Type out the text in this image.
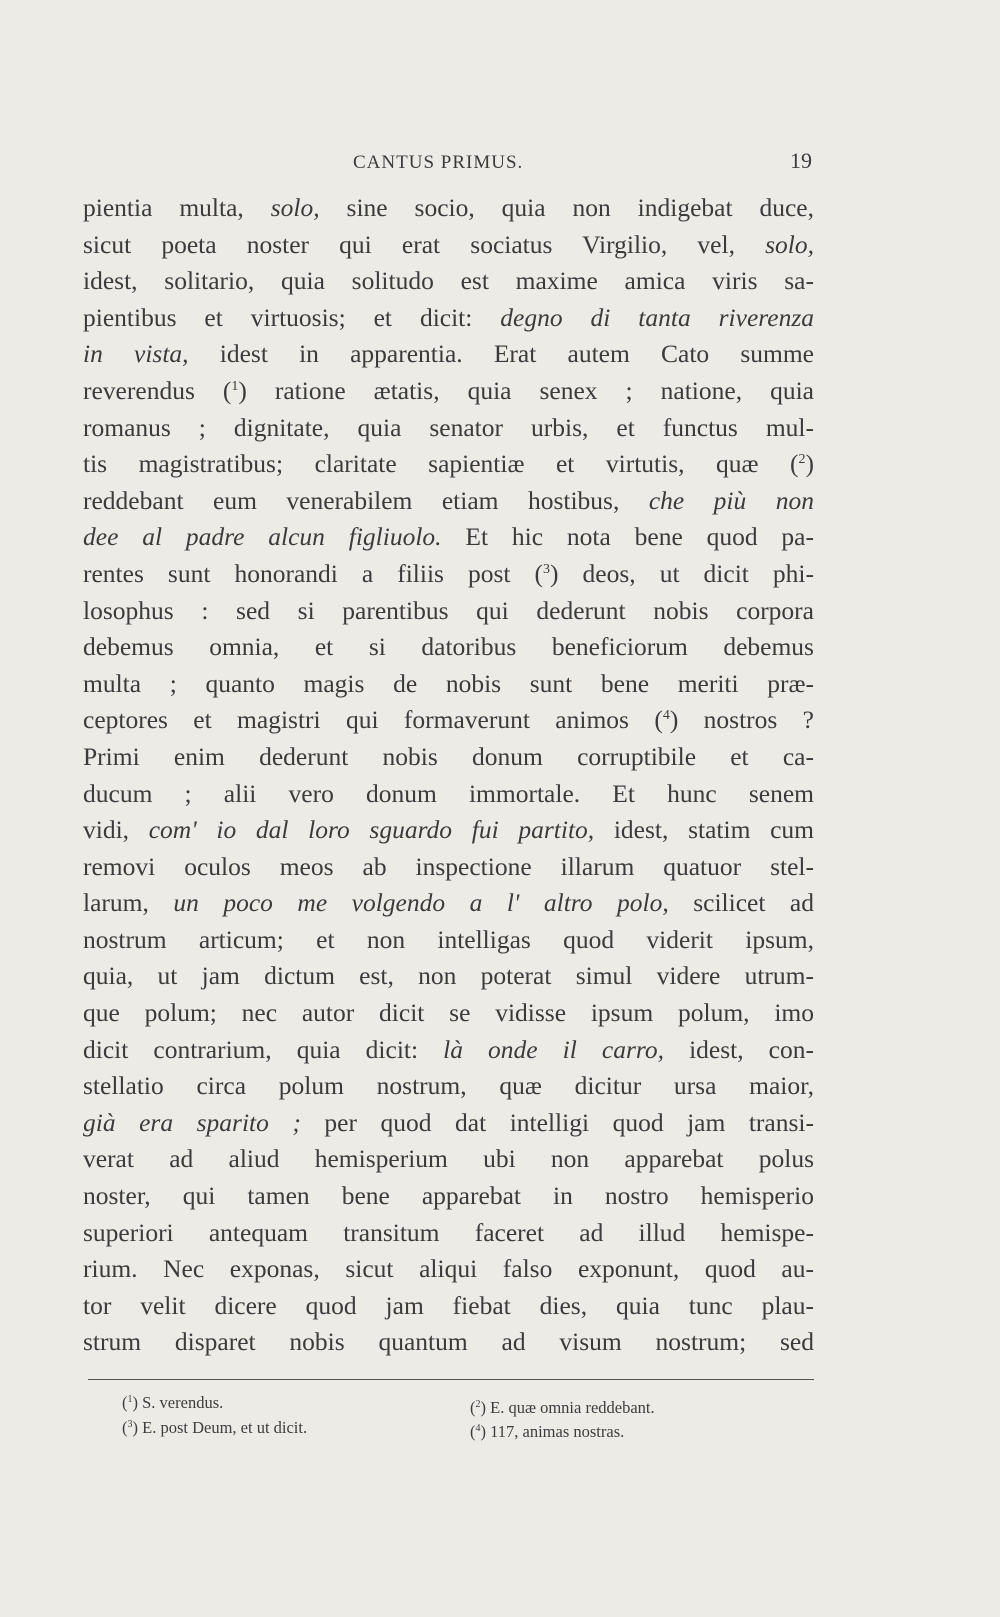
CANTUS PRIMUS.	19
pientia multa, solo, sine socio, quia non indigebat duce,
sicut poeta noster qui erat sociatus Virgilio, vel, solo,
idest, solitario, quia solitudo est maxime amica viris sa-
pientibus et virtuosis; et dicit: degno di tanta riverenza
in vista, idest in apparentia. Erat autem Cato summe
reverendus ($^1$) ratione ætatis, quia senex ; natione, quia
romanus ; dignitate, quia senator urbis, et functus mul-
tis magistratibus; claritate sapientiæ et virtutis, quæ ($^2$)
reddebant eum venerabilem etiam hostibus, che più non
dee al padre alcun figliuolo. Et hic nota bene quod pa-
rentes sunt honorandi a filiis post ($^3$) deos, ut dicit phi-
losophus : sed si parentibus qui dederunt nobis corpora
debemus omnia, et si datoribus beneficiorum debemus
multa ; quanto magis de nobis sunt bene meriti præ-
ceptores et magistri qui formaverunt animos ($^4$) nostros ?
Primi enim dederunt nobis donum corruptibile et ca-
ducum ; alii vero donum immortale. Et hunc senem
vidi, com' io dal loro sguardo fui partito, idest, statim cum
removi oculos meos ab inspectione illarum quatuor stel-
larum, un poco me volgendo a l' altro polo, scilicet ad
nostrum articum; et non intelligas quod viderit ipsum,
quia, ut jam dictum est, non poterat simul videre utrum-
que polum; nec autor dicit se vidisse ipsum polum, imo
dicit contrarium, quia dicit: là onde il carro, idest, con-
stellatio circa polum nostrum, quæ dicitur ursa maior,
già era sparito ; per quod dat intelligi quod jam transi-
verat ad aliud hemisperium ubi non apparebat polus
noster, qui tamen bene apparebat in nostro hemisperio
superiori antequam transitum faceret ad illud hemispe-
rium. Nec exponas, sicut aliqui falso exponunt, quod au-
tor velit dicere quod jam fiebat dies, quia tunc plau-
strum disparet nobis quantum ad visum nostrum; sed
($^1$) S. verendus.	($^2$) E. quæ omnia reddebant.
($^3$) E. post Deum, et ut dicit.	($^4$) 117, animas nostras.
